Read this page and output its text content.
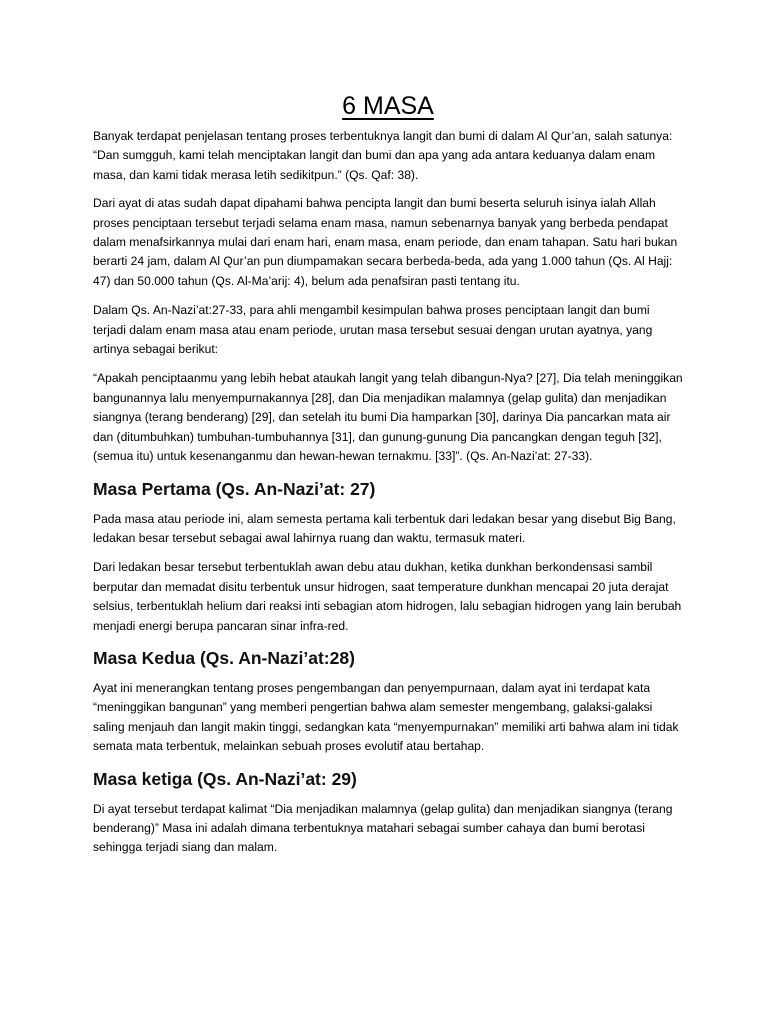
6 MASA

Banyak terdapat penjelasan tentang proses terbentuknya langit dan bumi di dalam Al Qur’an, salah satunya: “Dan sumgguh, kami telah menciptakan langit dan bumi dan apa yang ada antara keduanya dalam enam masa, dan kami tidak merasa letih sedikitpun.” (Qs. Qaf: 38).

Dari ayat di atas sudah dapat dipahami bahwa pencipta langit dan bumi beserta seluruh isinya ialah Allah proses penciptaan tersebut terjadi selama enam masa, namun sebenarnya banyak yang berbeda pendapat dalam menafsirkannya mulai dari enam hari, enam masa, enam periode, dan enam tahapan. Satu hari bukan berarti 24 jam, dalam Al Qur’an pun diumpamakan secara berbeda-beda, ada yang 1.000 tahun (Qs. Al Hajj: 47) dan 50.000 tahun (Qs. Al-Ma’arij: 4), belum ada penafsiran pasti tentang itu.

Dalam Qs. An-Nazi’at:27-33, para ahli mengambil kesimpulan bahwa proses penciptaan langit dan bumi terjadi dalam enam masa atau enam periode, urutan masa tersebut sesuai dengan urutan ayatnya, yang artinya sebagai berikut:

“Apakah penciptaanmu yang lebih hebat ataukah langit yang telah dibangun-Nya? [27], Dia telah meninggikan bangunannya lalu menyempurnakannya [28], dan Dia menjadikan malamnya (gelap gulita) dan menjadikan siangnya (terang benderang) [29], dan setelah itu bumi Dia hamparkan [30], darinya Dia pancarkan mata air dan (ditumbuhkan) tumbuhan-tumbuhannya [31], dan gunung-gunung Dia pancangkan dengan teguh [32], (semua itu) untuk kesenanganmu dan hewan-hewan ternakmu. [33]”. (Qs. An-Nazi’at: 27-33).

Masa Pertama (Qs. An-Nazi’at: 27)

Pada masa atau periode ini, alam semesta pertama kali terbentuk dari ledakan besar yang disebut Big Bang, ledakan besar tersebut sebagai awal lahirnya ruang dan waktu, termasuk materi.

Dari ledakan besar tersebut terbentuklah awan debu atau dukhan, ketika dunkhan berkondensasi sambil berputar dan memadat disitu terbentuk unsur hidrogen, saat temperature dunkhan mencapai 20 juta derajat selsius, terbentuklah helium dari reaksi inti sebagian atom hidrogen, lalu sebagian hidrogen yang lain berubah menjadi energi berupa pancaran sinar infra-red.

Masa Kedua (Qs. An-Nazi’at:28)

Ayat ini menerangkan tentang proses pengembangan dan penyempurnaan, dalam ayat ini terdapat kata “meninggikan bangunan” yang memberi pengertian bahwa alam semester mengembang, galaksi-galaksi saling menjauh dan langit makin tinggi, sedangkan kata “menyempurnakan” memiliki arti bahwa alam ini tidak semata mata terbentuk, melainkan sebuah proses evolutif atau bertahap.

Masa ketiga (Qs. An-Nazi’at: 29)

Di ayat tersebut terdapat kalimat “Dia menjadikan malamnya (gelap gulita) dan menjadikan siangnya (terang benderang)” Masa ini adalah dimana terbentuknya matahari sebagai sumber cahaya dan bumi berotasi sehingga terjadi siang dan malam.
